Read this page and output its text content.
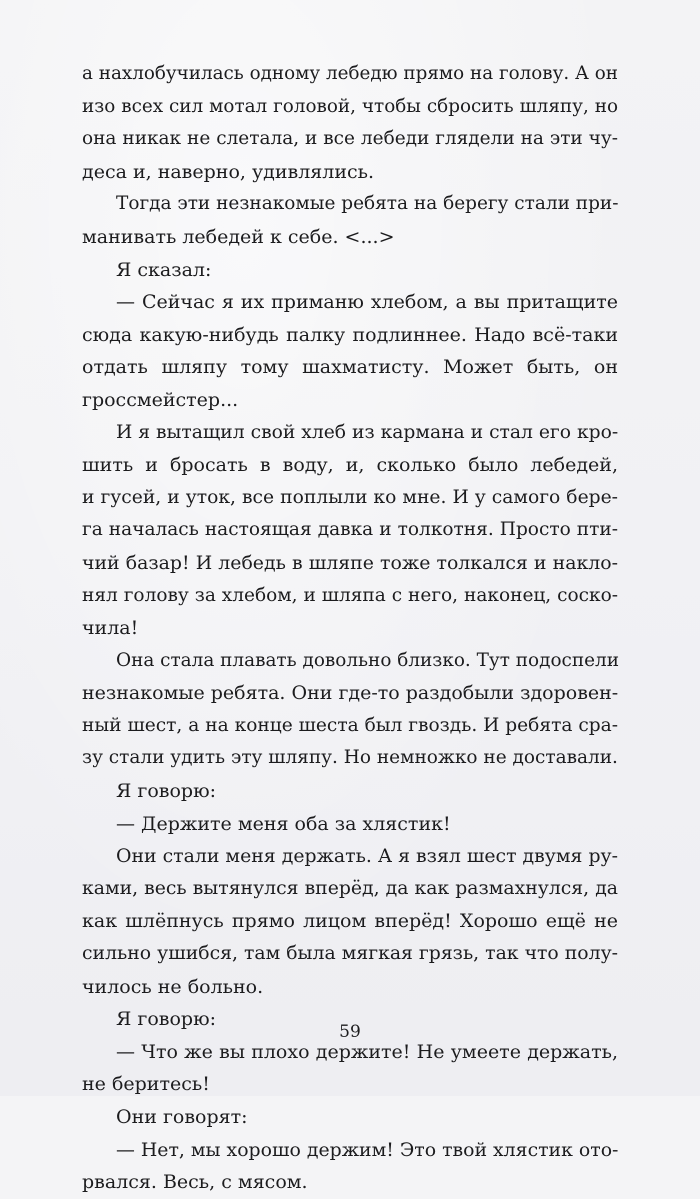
а нахлобучилась одному лебедю прямо на голову. А он
изо всех сил мотал головой, чтобы сбросить шляпу, но
она никак не слетала, и все лебеди глядели на эти чу-
деса и, наверно, удивлялись.
Тогда эти незнакомые ребята на берегу стали при-
манивать лебедей к себе. <...>
Я сказал:
— Сейчас я их приманю хлебом, а вы притащите
сюда какую-нибудь палку подлиннее. Надо всё-таки
отдать шляпу тому шахматисту. Может быть, он
гроссмейстер...
И я вытащил свой хлеб из кармана и стал его кро-
шить и бросать в воду, и, сколько было лебедей,
и гусей, и уток, все поплыли ко мне. И у самого бере-
га началась настоящая давка и толкотня. Просто пти-
чий базар! И лебедь в шляпе тоже толкался и накло-
нял голову за хлебом, и шляпа с него, наконец, соско-
чила!
Она стала плавать довольно близко. Тут подоспели
незнакомые ребята. Они где-то раздобыли здоровен-
ный шест, а на конце шеста был гвоздь. И ребята сра-
зу стали удить эту шляпу. Но немножко не доставали.
Я говорю:
— Держите меня оба за хлястик!
Они стали меня держать. А я взял шест двумя ру-
ками, весь вытянулся вперёд, да как размахнулся, да
как шлёпнусь прямо лицом вперёд! Хорошо ещё не
сильно ушибся, там была мягкая грязь, так что полу-
чилось не больно.
Я говорю:
— Что же вы плохо держите! Не умеете держать,
не беритесь!
Они говорят:
— Нет, мы хорошо держим! Это твой хлястик ото-
рвался. Весь, с мясом.
59
